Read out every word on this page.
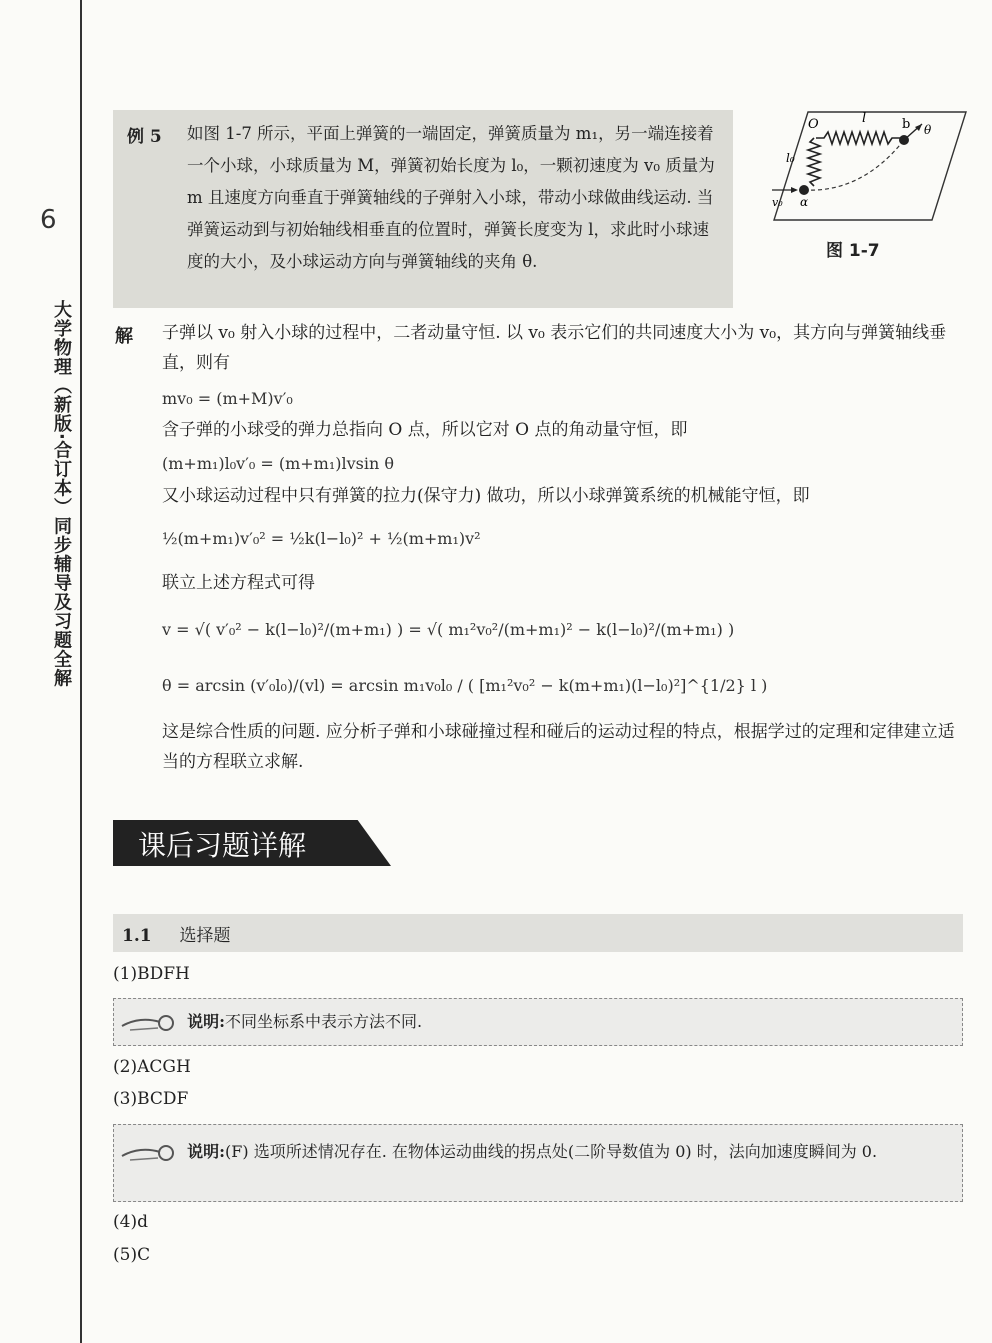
6
大学物理（新版·合订本）同步辅导及习题全解
例 5 如图 1-7 所示，平面上弹簧的一端固定，弹簧质量为 m₁，另一端连接着一个小球，小球质量为 M，弹簧初始长度为 l₀，一颗初速度为 v₀ 质量为 m 且速度方向垂直于弹簧轴线的子弹射入小球，带动小球做曲线运动. 当弹簧运动到与初始轴线相垂直的位置时，弹簧长度变为 l，求此时小球速度的大小，及小球运动方向与弹簧轴线的夹角 θ.
O	l	b θ
l₀
v₀ α
图 1-7
解 子弹以 v₀ 射入小球的过程中，二者动量守恒. 以 v₀ 表示它们的共同速度大小为 v₀，其方向与弹簧轴线垂直，则有
mv₀ = (m+M)v′₀
含子弹的小球受的弹力总指向 O 点，所以它对 O 点的角动量守恒，即
(m+m₁)l₀v′₀ = (m+m₁)lvsin θ
又小球运动过程中只有弹簧的拉力(保守力) 做功，所以小球弹簧系统的机械能守恒，即
½(m+m₁)v′₀² = ½k(l−l₀)² + ½(m+m₁)v²
联立上述方程式可得
v = √( v′₀² − k(l−l₀)²/(m+m₁) ) = √( m₁²v₀²/(m+m₁)² − k(l−l₀)²/(m+m₁) )
θ = arcsin (v′₀l₀)/(vl) = arcsin m₁v₀l₀ / ( [m₁²v₀² − k(m+m₁)(l−l₀)²]^{1/2} l )
这是综合性质的问题. 应分析子弹和小球碰撞过程和碰后的运动过程的特点，根据学过的定理和定律建立适当的方程联立求解.
课后习题详解
1.1 选择题
(1)BDFH
说明:不同坐标系中表示方法不同.
(2)ACGH
(3)BCDF
说明:(F) 选项所述情况存在. 在物体运动曲线的拐点处(二阶导数值为 0) 时，法向加速度瞬间为 0.
(4)d
(5)C
